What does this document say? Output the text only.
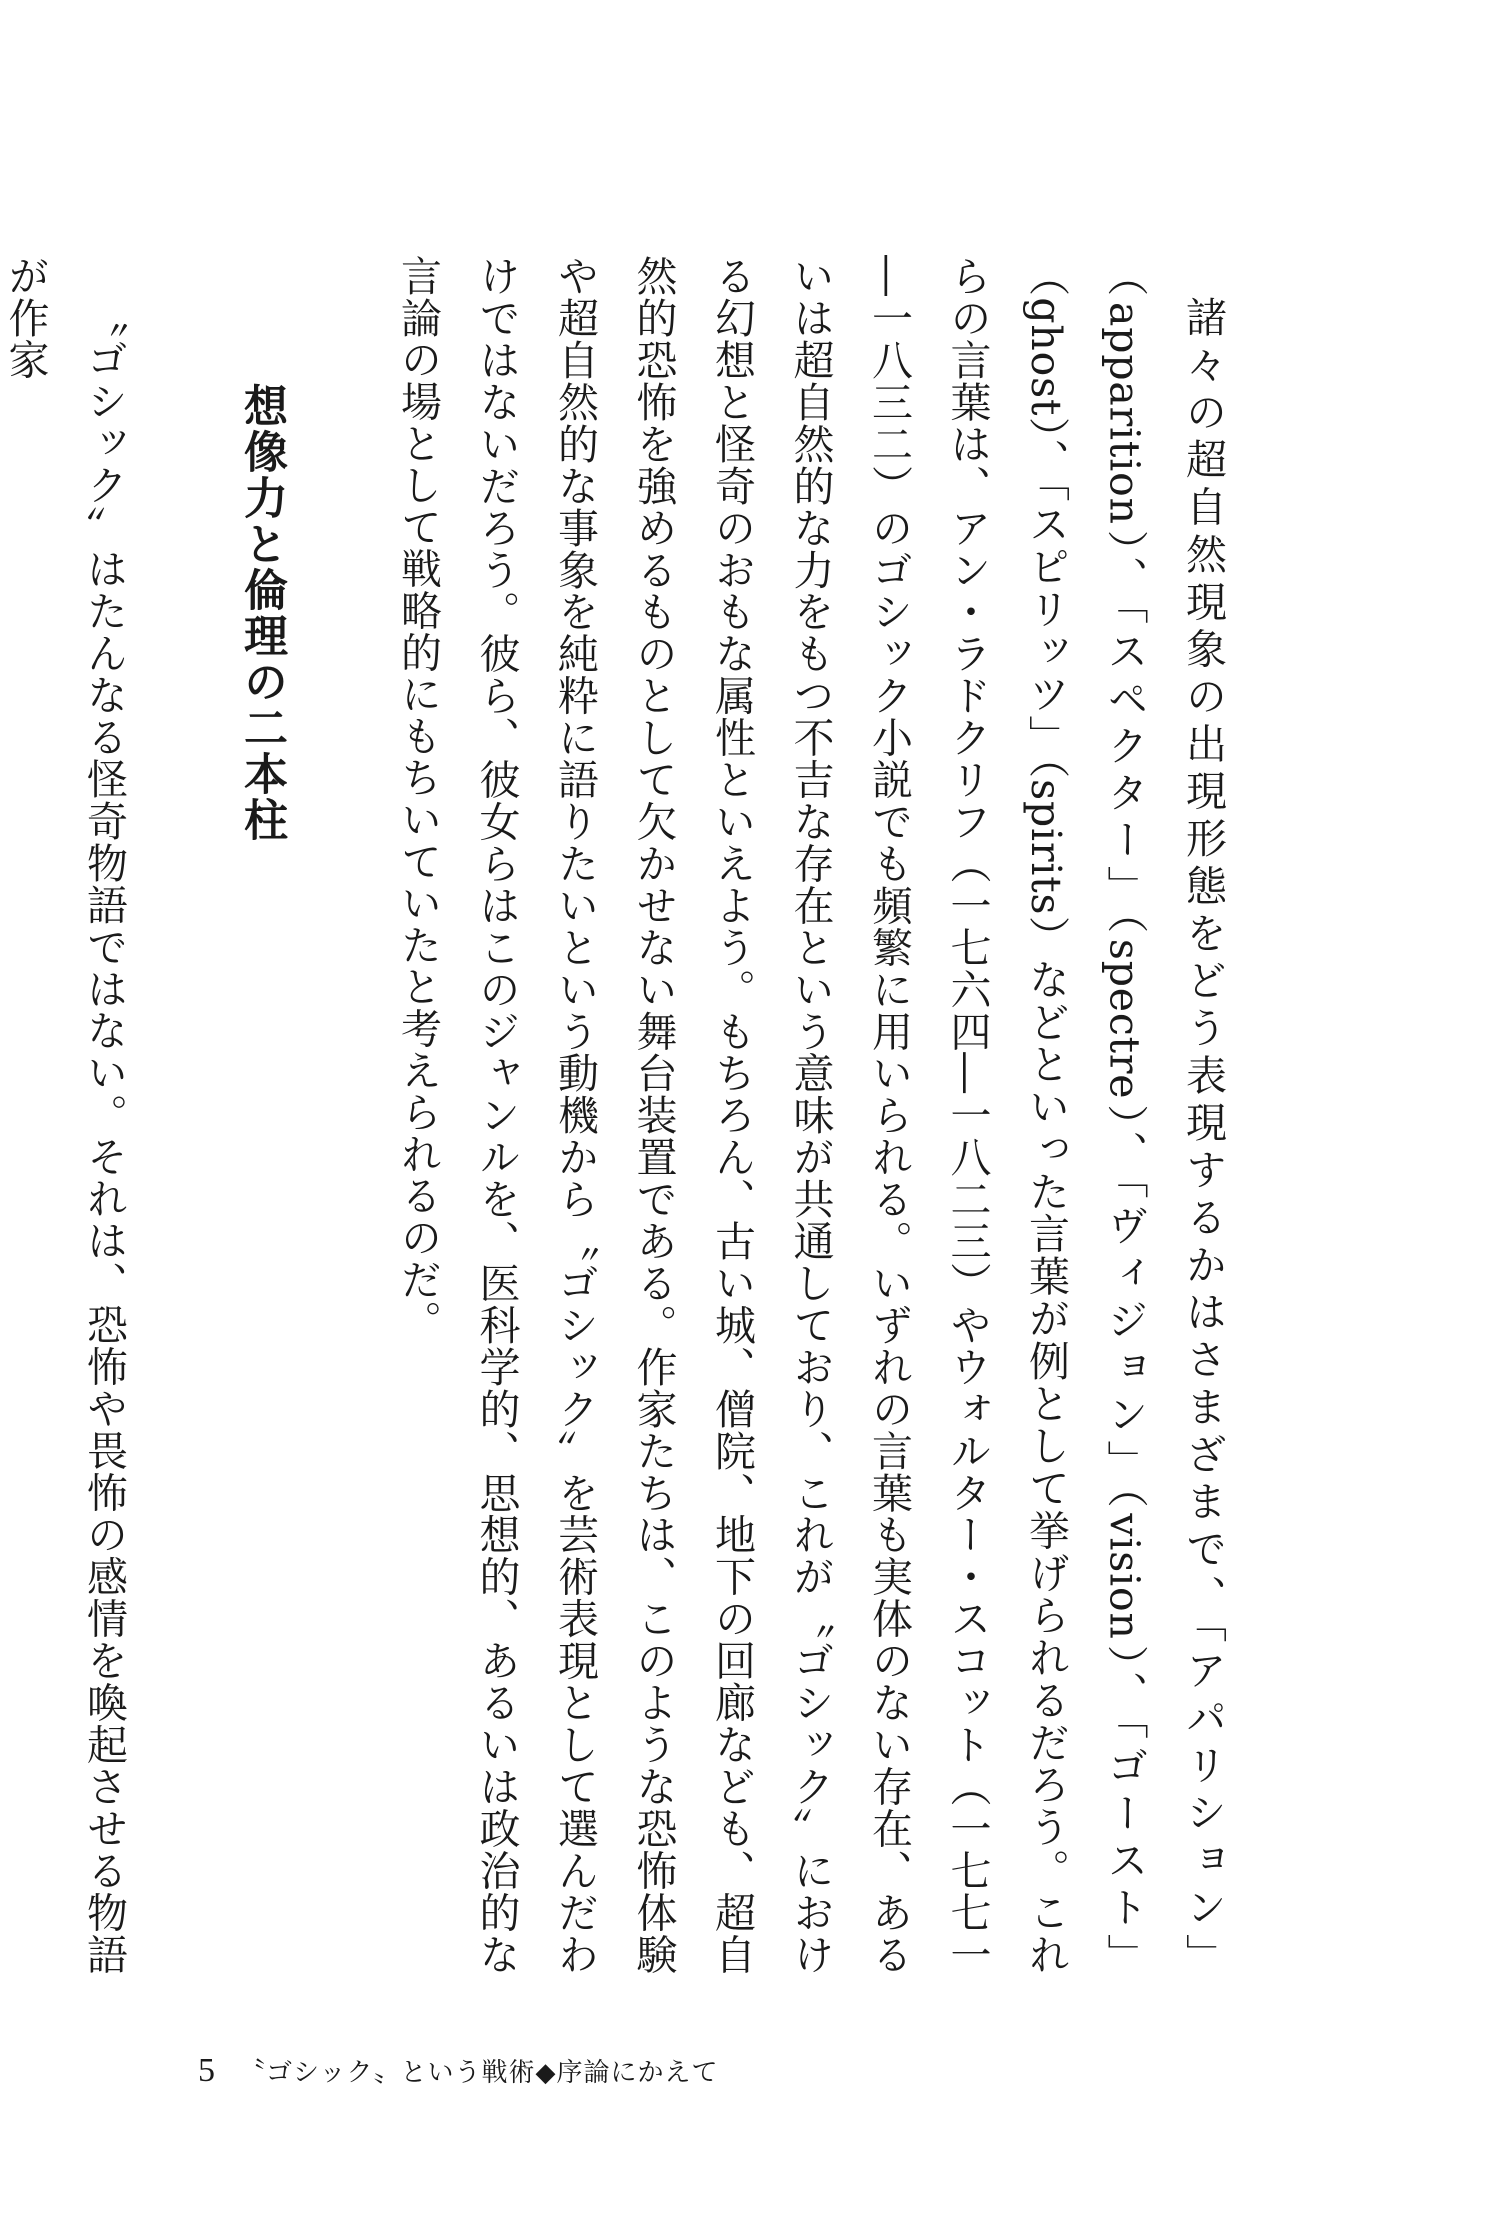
諸々の超自然現象の出現形態をどう表現するかはさまざまで、「アパリション」（apparition）、「スペクター」（spectre）、「ヴィジョン」（vision）、「ゴースト」（ghost）、「スピリッツ」（spirits）などといった言葉が例として挙げられるだろう。これらの言葉は、アン・ラドクリフ（一七六四―一八二三）やウォルター・スコット（一七七一―一八三二）のゴシック小説でも頻繁に用いられる。いずれの言葉も実体のない存在、あるいは超自然的な力をもつ不吉な存在という意味が共通しており、これが〝ゴシック〟における幻想と怪奇のおもな属性といえよう。もちろん、古い城、僧院、地下の回廊なども、超自然的恐怖を強めるものとして欠かせない舞台装置である。作家たちは、このような恐怖体験や超自然的な事象を純粋に語りたいという動機から〝ゴシック〟を芸術表現として選んだわけではないだろう。彼ら、彼女らはこのジャンルを、医科学的、思想的、あるいは政治的な言論の場として戦略的にもちいていたと考えられるのだ。

想像力と倫理の二本柱

〝ゴシック〟はたんなる怪奇物語ではない。それは、恐怖や畏怖の感情を喚起させる物語が作家

5 〝ゴシック〟という戦術◆序論にかえて
